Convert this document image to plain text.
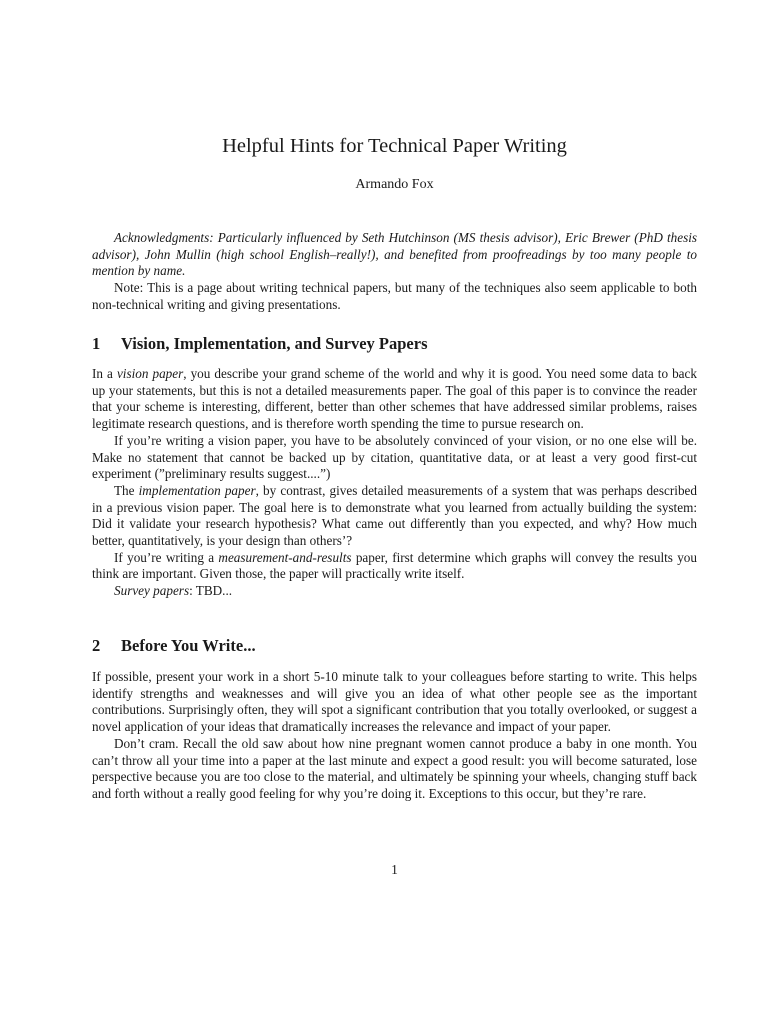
Helpful Hints for Technical Paper Writing
Armando Fox

Acknowledgments: Particularly influenced by Seth Hutchinson (MS thesis advisor), Eric Brewer (PhD thesis advisor), John Mullin (high school English–really!), and benefited from proofreadings by too many people to mention by name.

Note: This is a page about writing technical papers, but many of the techniques also seem applicable to both non-technical writing and giving presentations.

1 Vision, Implementation, and Survey Papers

In a vision paper, you describe your grand scheme of the world and why it is good. You need some data to back up your statements, but this is not a detailed measurements paper. The goal of this paper is to convince the reader that your scheme is interesting, different, better than other schemes that have addressed similar problems, raises legitimate research questions, and is therefore worth spending the time to pursue research on.

If you’re writing a vision paper, you have to be absolutely convinced of your vision, or no one else will be. Make no statement that cannot be backed up by citation, quantitative data, or at least a very good first-cut experiment (”preliminary results suggest....”)

The implementation paper, by contrast, gives detailed measurements of a system that was perhaps described in a previous vision paper. The goal here is to demonstrate what you learned from actually building the system: Did it validate your research hypothesis? What came out differently than you expected, and why? How much better, quantitatively, is your design than others’?

If you’re writing a measurement-and-results paper, first determine which graphs will convey the results you think are important. Given those, the paper will practically write itself.

Survey papers: TBD...

2 Before You Write...

If possible, present your work in a short 5-10 minute talk to your colleagues before starting to write. This helps identify strengths and weaknesses and will give you an idea of what other people see as the important contributions. Surprisingly often, they will spot a significant contribution that you totally overlooked, or suggest a novel application of your ideas that dramatically increases the relevance and impact of your paper.

Don’t cram. Recall the old saw about how nine pregnant women cannot produce a baby in one month. You can’t throw all your time into a paper at the last minute and expect a good result: you will become saturated, lose perspective because you are too close to the material, and ultimately be spinning your wheels, changing stuff back and forth without a really good feeling for why you’re doing it. Exceptions to this occur, but they’re rare.

1
